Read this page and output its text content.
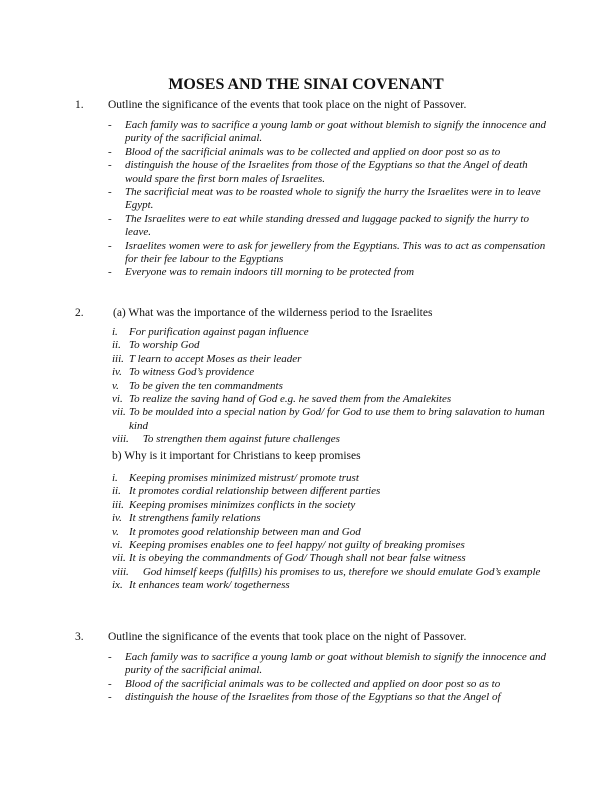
MOSES AND THE SINAI COVENANT
1. Outline the significance of the events that took place on the night of Passover.
- Each family was to sacrifice a young lamb or goat without blemish to signify the innocence and purity of the sacrificial animal.
- Blood of the sacrificial animals was to be collected and applied on door post so as to
- distinguish the house of the Israelites from those of the Egyptians so that the Angel of death would spare the first born males of Israelites.
- The sacrificial meat was to be roasted whole to signify the hurry the Israelites were in to leave Egypt.
- The Israelites were to eat while standing dressed and luggage packed to signify the hurry to leave.
- Israelites women were to ask for jewellery from the Egyptians. This was to act as compensation for their fee labour to the Egyptians
- Everyone was to remain indoors till morning to be protected from
2.	(a) What was the importance of the wilderness period to the Israelites
i. For purification against pagan influence
ii. To worship God
iii. T learn to accept Moses as their leader
iv. To witness God’s providence
v. To be given the ten commandments
vi. To realize the saving hand of God e.g. he saved them from the Amalekites
vii. To be moulded into a special nation by God/ for God to use them to bring salavation to human kind
viii. To strengthen them against future challenges
b) Why is it important for Christians to keep promises
i. Keeping promises minimized mistrust/ promote trust
ii. It promotes cordial relationship between different parties
iii. Keeping promises minimizes conflicts in the society
iv. It strengthens family relations
v. It promotes good relationship between man and God
vi. Keeping promises enables one to feel happy/ not guilty of breaking promises
vii. It is obeying the commandments of God/ Though shall not bear false witness
viii. God himself keeps (fulfills) his promises to us, therefore we should emulate God’s example
ix. It enhances team work/ togetherness
3. Outline the significance of the events that took place on the night of Passover.
- Each family was to sacrifice a young lamb or goat without blemish to signify the innocence and purity of the sacrificial animal.
- Blood of the sacrificial animals was to be collected and applied on door post so as to
- distinguish the house of the Israelites from those of the Egyptians so that the Angel of
